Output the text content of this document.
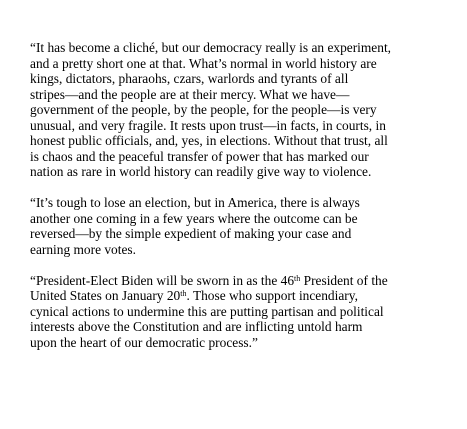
“It has become a cliché, but our democracy really is an experiment,
and a pretty short one at that. What’s normal in world history are
kings, dictators, pharaohs, czars, warlords and tyrants of all
stripes—and the people are at their mercy. What we have—
government of the people, by the people, for the people—is very
unusual, and very fragile. It rests upon trust—in facts, in courts, in
honest public officials, and, yes, in elections. Without that trust, all
is chaos and the peaceful transfer of power that has marked our
nation as rare in world history can readily give way to violence.

“It’s tough to lose an election, but in America, there is always
another one coming in a few years where the outcome can be
reversed—by the simple expedient of making your case and
earning more votes.

“President-Elect Biden will be sworn in as the 46th President of the
United States on January 20th. Those who support incendiary,
cynical actions to undermine this are putting partisan and political
interests above the Constitution and are inflicting untold harm
upon the heart of our democratic process.”
